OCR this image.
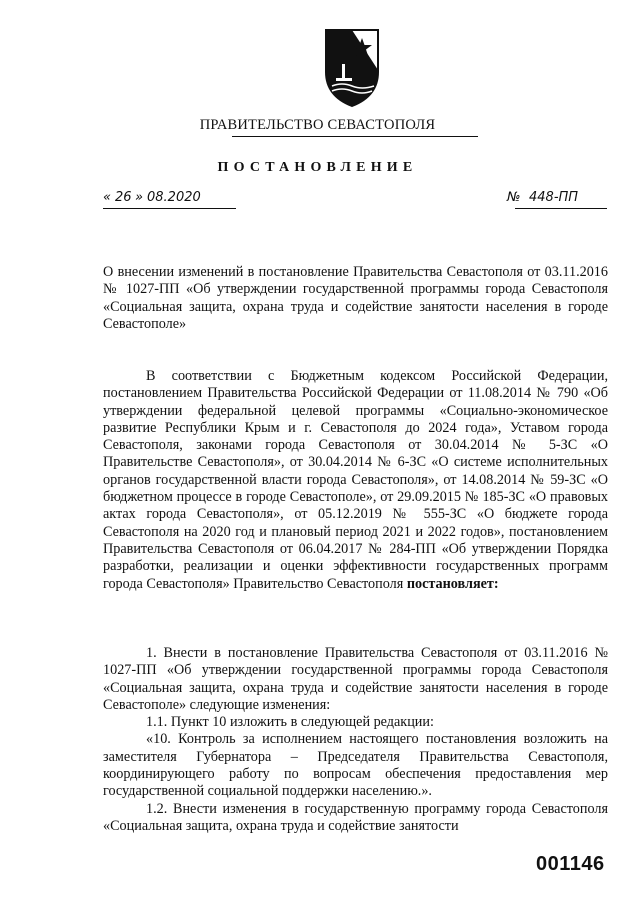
ПРАВИТЕЛЬСТВО СЕВАСТОПОЛЯ
ПОСТАНОВЛЕНИЕ
« 26 » 08.2020	№ 448-ПП
О внесении изменений в постановление Правительства Севастополя от 03.11.2016 № 1027-ПП «Об утверждении государственной программы города Севастополя «Социальная защита, охрана труда и содействие занятости населения в городе Севастополе»

В соответствии с Бюджетным кодексом Российской Федерации, постановлением Правительства Российской Федерации от 11.08.2014 № 790 «Об утверждении федеральной целевой программы «Социально-экономическое развитие Республики Крым и г. Севастополя до 2024 года», Уставом города Севастополя, законами города Севастополя от 30.04.2014 № 5-ЗС «О Правительстве Севастополя», от 30.04.2014 № 6-ЗС «О системе исполнительных органов государственной власти города Севастополя», от 14.08.2014 № 59-ЗС «О бюджетном процессе в городе Севастополе», от 29.09.2015 № 185-ЗС «О правовых актах города Севастополя», от 05.12.2019 № 555-ЗС «О бюджете города Севастополя на 2020 год и плановый период 2021 и 2022 годов», постановлением Правительства Севастополя от 06.04.2017 № 284-ПП «Об утверждении Порядка разработки, реализации и оценки эффективности государственных программ города Севастополя» Правительство Севастополя постановляет:

1. Внести в постановление Правительства Севастополя от 03.11.2016 № 1027-ПП «Об утверждении государственной программы города Севастополя «Социальная защита, охрана труда и содействие занятости населения в городе Севастополе» следующие изменения:

1.1. Пункт 10 изложить в следующей редакции:

«10. Контроль за исполнением настоящего постановления возложить на заместителя Губернатора – Председателя Правительства Севастополя, координирующего работу по вопросам обеспечения предоставления мер государственной социальной поддержки населению.».

1.2. Внести изменения в государственную программу города Севастополя «Социальная защита, охрана труда и содействие занятости

001146
